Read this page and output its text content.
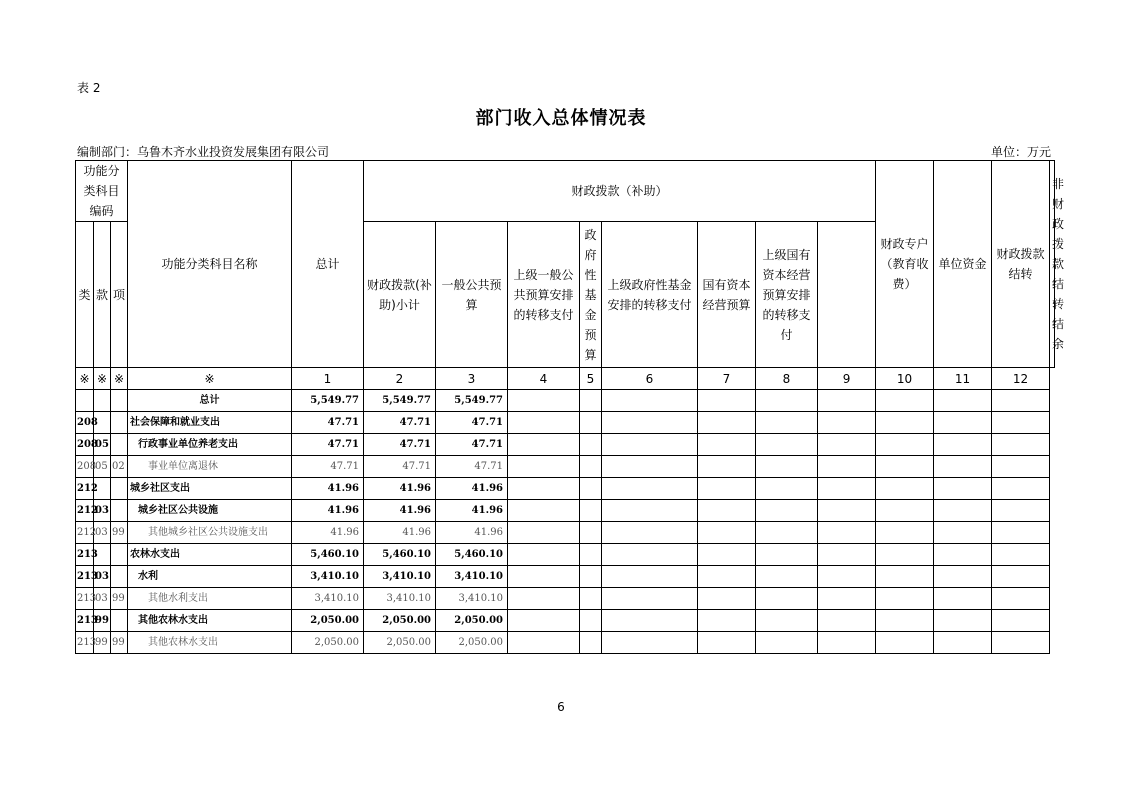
表 2
部门收入总体情况表
编制部门：乌鲁木齐水业投资发展集团有限公司	单位：万元
功能分类科目编码			功能分类科目名称	总计	财政拨款（补助）								财政专户（教育收费）	单位资金	财政拨款结转	非财政拨款结转结余
类	款	项			财政拨款(补助)小计	一般公共预算	上级一般公共预算安排的转移支付	政府性基金预算	上级政府性基金安排的转移支付	国有资本经营预算	上级国有资本经营预算安排的转移支付					
※	※	※	※	1	2	3	4	5	6	7	8	9	10	11	12	
			总计	5,549.77	5,549.77	5,549.77										
208			社会保障和就业支出	47.71	47.71	47.71										
208	05		行政事业单位养老支出	47.71	47.71	47.71										
208	05	02	事业单位离退休	47.71	47.71	47.71										
212			城乡社区支出	41.96	41.96	41.96										
212	03		城乡社区公共设施	41.96	41.96	41.96										
212	03	99	其他城乡社区公共设施支出	41.96	41.96	41.96										
213			农林水支出	5,460.10	5,460.10	5,460.10										
213	03		水利	3,410.10	3,410.10	3,410.10										
213	03	99	其他水利支出	3,410.10	3,410.10	3,410.10										
213	99		其他农林水支出	2,050.00	2,050.00	2,050.00										
213	99	99	其他农林水支出	2,050.00	2,050.00	2,050.00										
6
